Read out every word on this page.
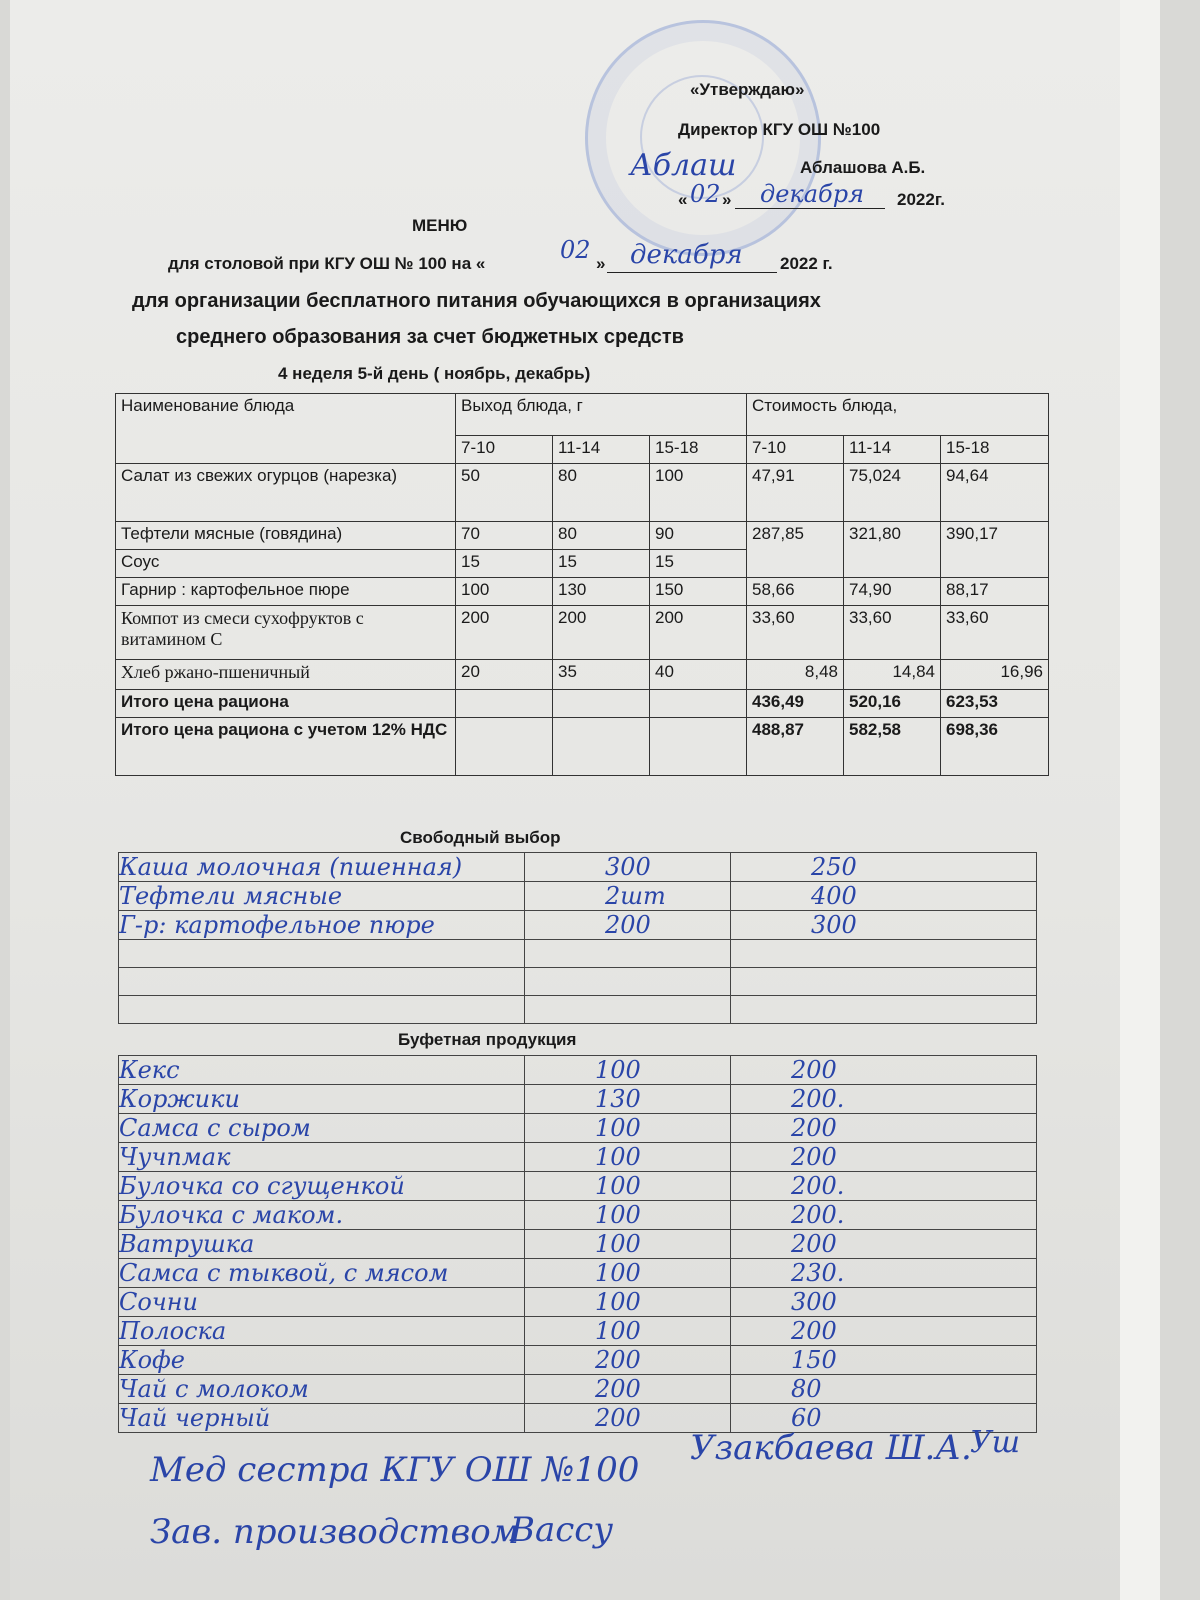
«Утверждаю»
Директор КГУ ОШ №100
Аблаш	Аблашова А.Б.
« 02 » декабря 2022г.
МЕНЮ
для столовой при КГУ ОШ № 100 на «	02 » декабря 2022 г.
для организации бесплатного питания обучающихся в организациях
среднего образования за счет бюджетных средств
4 неделя 5-й день ( ноябрь, декабрь)
Наименование блюда	Выход блюда, г			Стоимость блюда,		
	7-10	11-14	15-18	7-10	11-14	15-18
Салат из свежих огурцов (нарезка)	50	80	100	47,91	75,024	94,64
Тефтели мясные (говядина)	70	80	90	287,85	321,80	390,17
Соус	15	15	15			
Гарнир : картофельное пюре	100	130	150	58,66	74,90	88,17
Компот из смеси сухофруктов с витамином С	200	200	200	33,60	33,60	33,60
Хлеб ржано-пшеничный	20	35	40	8,48	14,84	16,96
Итого цена рациона				436,49	520,16	623,53
Итого цена рациона с учетом 12% НДС				488,87	582,58	698,36
Свободный выбор
Каша молочная (пшенная)	300	250
Тефтели мясные	2шт	400
Г-р: картофельное пюре	200	300

Буфетная продукция
Кекс	100	200
Коржики	130	200.
Самса с сыром	100	200
Чучпмак	100	200
Булочка со сгущенкой	100	200.
Булочка с маком.	100	200.
Ватрушка	100	200
Самса с тыквой, с мясом	100	230.
Сочни	100	300
Полоска	100	200
Кофе	200	150
Чай с молоком	200	80
Чай черный	200	60
Мед сестра КГУ ОШ №100
Узакбаева Ш.А.
Уш
Зав. производством
Вассу
